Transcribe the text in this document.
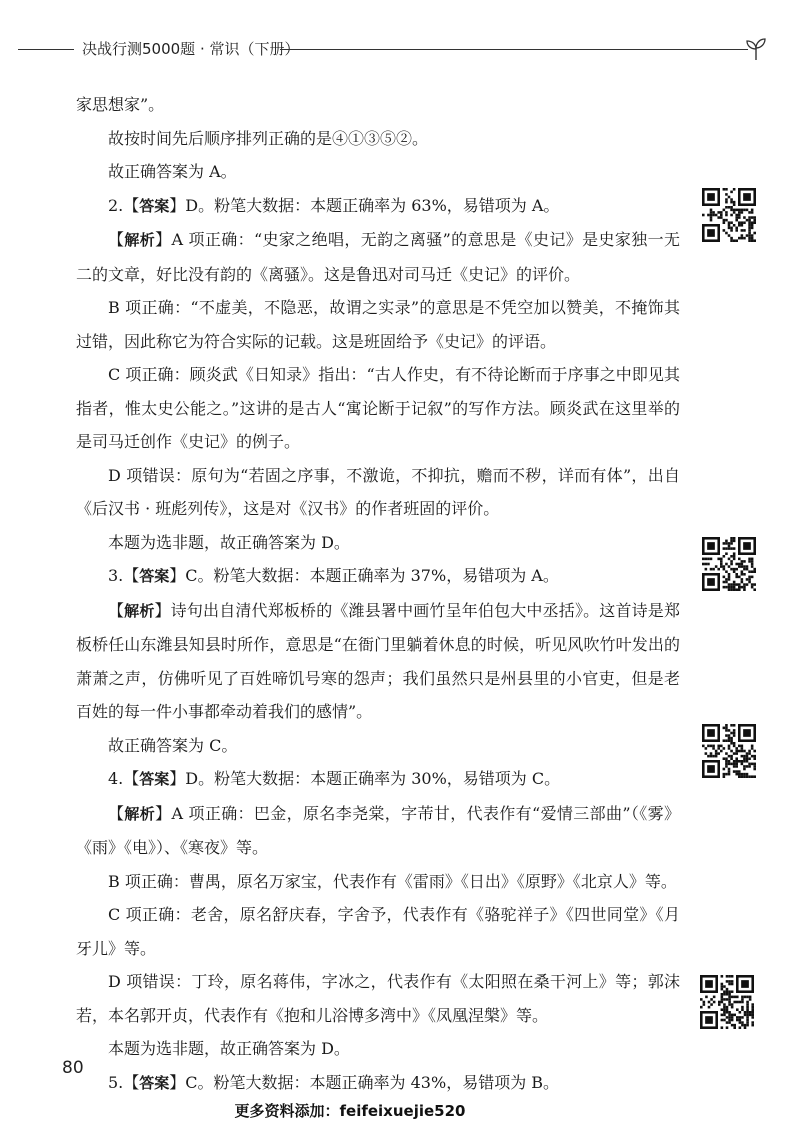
决战行测5000题 · 常识（下册）

家思想家”。

故按时间先后顺序排列正确的是④①③⑤②。

故正确答案为 A。

2.【答案】D。粉笔大数据：本题正确率为 63%，易错项为 A。

【解析】A 项正确：“史家之绝唱，无韵之离骚”的意思是《史记》是史家独一无二的文章，好比没有韵的《离骚》。这是鲁迅对司马迁《史记》的评价。

B 项正确：“不虚美，不隐恶，故谓之实录”的意思是不凭空加以赞美，不掩饰其过错，因此称它为符合实际的记载。这是班固给予《史记》的评语。

C 项正确：顾炎武《日知录》指出：“古人作史，有不待论断而于序事之中即见其指者，惟太史公能之。”这讲的是古人“寓论断于记叙”的写作方法。顾炎武在这里举的是司马迁创作《史记》的例子。

D 项错误：原句为“若固之序事，不激诡，不抑抗，赡而不秽，详而有体”，出自《后汉书 · 班彪列传》，这是对《汉书》的作者班固的评价。

本题为选非题，故正确答案为 D。

3.【答案】C。粉笔大数据：本题正确率为 37%，易错项为 A。

【解析】诗句出自清代郑板桥的《潍县署中画竹呈年伯包大中丞括》。这首诗是郑板桥任山东潍县知县时所作，意思是“在衙门里躺着休息的时候，听见风吹竹叶发出的萧萧之声，仿佛听见了百姓啼饥号寒的怨声；我们虽然只是州县里的小官吏，但是老百姓的每一件小事都牵动着我们的感情”。

故正确答案为 C。

4.【答案】D。粉笔大数据：本题正确率为 30%，易错项为 C。

【解析】A 项正确：巴金，原名李尧棠，字芾甘，代表作有“爱情三部曲”（《雾》《雨》《电》）、《寒夜》等。

B 项正确：曹禺，原名万家宝，代表作有《雷雨》《日出》《原野》《北京人》等。

C 项正确：老舍，原名舒庆春，字舍予，代表作有《骆驼祥子》《四世同堂》《月牙儿》等。

D 项错误：丁玲，原名蒋伟，字冰之，代表作有《太阳照在桑干河上》等；郭沫若，本名郭开贞，代表作有《抱和儿浴博多湾中》《凤凰涅槃》等。

本题为选非题，故正确答案为 D。

5.【答案】C。粉笔大数据：本题正确率为 43%，易错项为 B。

80
更多资料添加：feifeixuejie520
